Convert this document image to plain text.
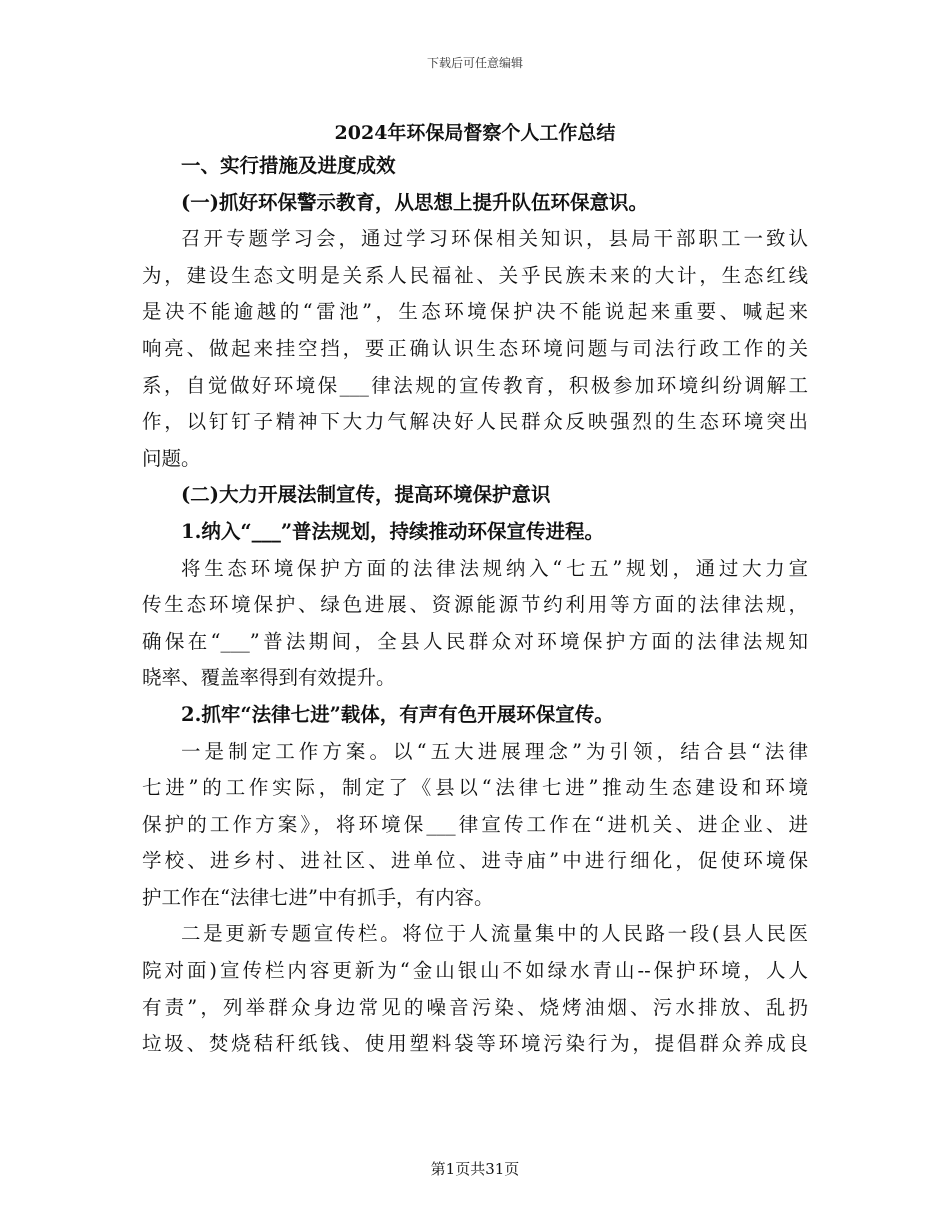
下载后可任意编辑
2024年环保局督察个人工作总结
一、实行措施及进度成效
(一)抓好环保警示教育，从思想上提升队伍环保意识。
召开专题学习会，通过学习环保相关知识，县局干部职工一致认
为，建设生态文明是关系人民福祉、关乎民族未来的大计，生态红线
是决不能逾越的“雷池”，生态环境保护决不能说起来重要、喊起来
响亮、做起来挂空挡，要正确认识生态环境问题与司法行政工作的关
系，自觉做好环境保___律法规的宣传教育，积极参加环境纠纷调解工
作，以钉钉子精神下大力气解决好人民群众反映强烈的生态环境突出
问题。
(二)大力开展法制宣传，提高环境保护意识
1.纳入“___”普法规划，持续推动环保宣传进程。
将生态环境保护方面的法律法规纳入“七五”规划，通过大力宣
传生态环境保护、绿色进展、资源能源节约利用等方面的法律法规，
确保在“___”普法期间，全县人民群众对环境保护方面的法律法规知
晓率、覆盖率得到有效提升。
2.抓牢“法律七进”载体，有声有色开展环保宣传。
一是制定工作方案。以“五大进展理念”为引领，结合县“法律
七进”的工作实际，制定了《县以“法律七进”推动生态建设和环境
保护的工作方案》，将环境保___律宣传工作在“进机关、进企业、进
学校、进乡村、进社区、进单位、进寺庙”中进行细化，促使环境保
护工作在“法律七进”中有抓手，有内容。
二是更新专题宣传栏。将位于人流量集中的人民路一段(县人民医
院对面)宣传栏内容更新为“金山银山不如绿水青山--保护环境，人人
有责”，列举群众身边常见的噪音污染、烧烤油烟、污水排放、乱扔
垃圾、焚烧秸秆纸钱、使用塑料袋等环境污染行为，提倡群众养成良
第1页共31页
